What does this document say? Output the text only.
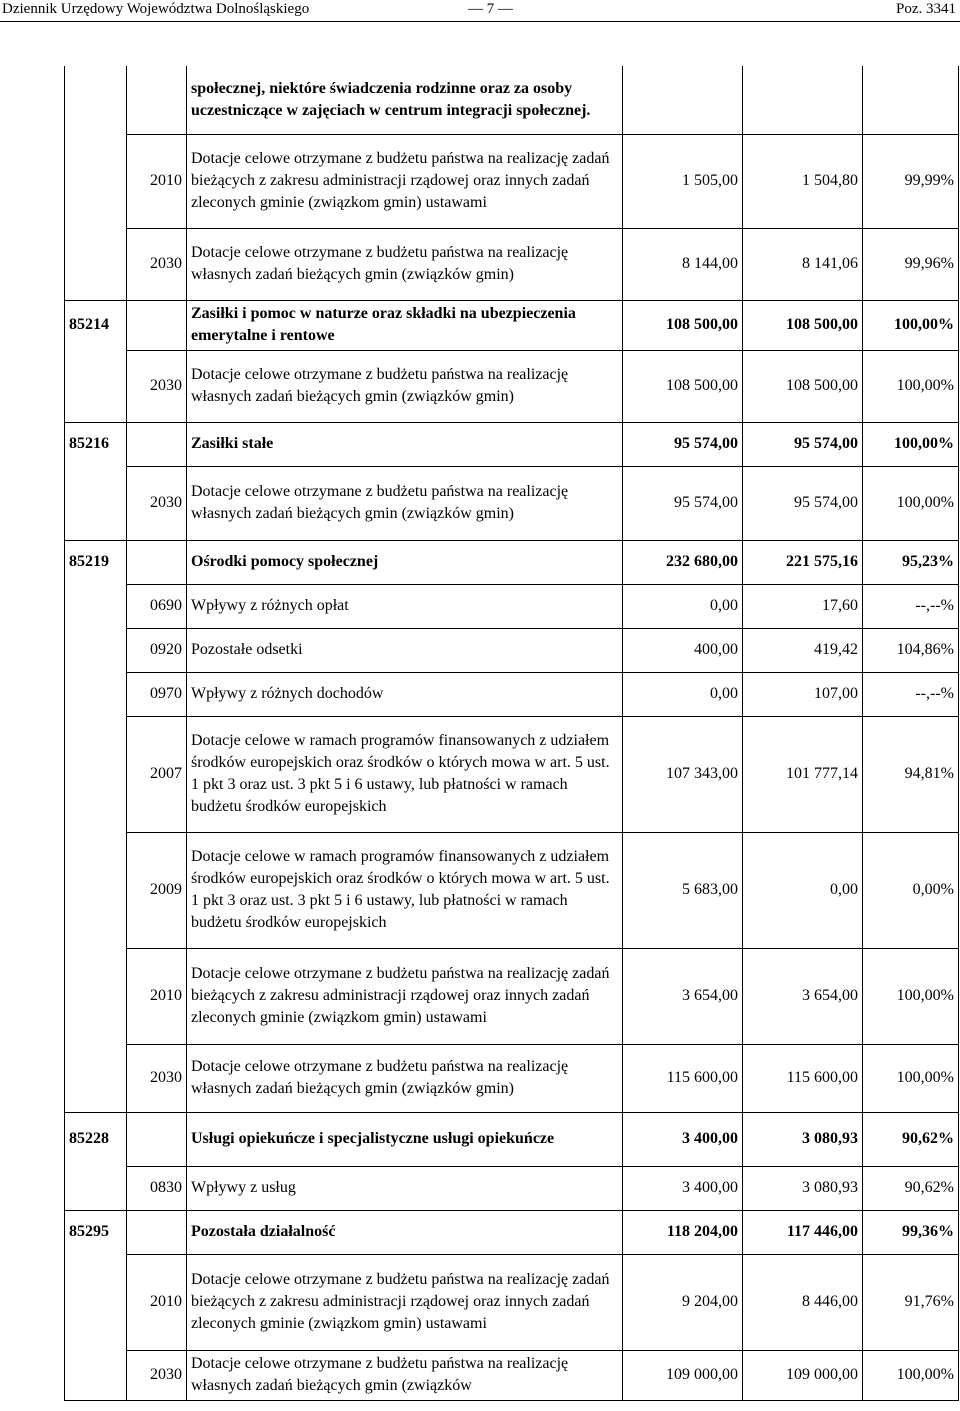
Dziennik Urzędowy Województwa Dolnośląskiego	— 7 —	Poz. 3341
		społecznej, niektóre świadczenia rodzinne oraz za osoby uczestniczące w zajęciach w centrum integracji społecznej.			
	2010	Dotacje celowe otrzymane z budżetu państwa na realizację zadań bieżących z zakresu administracji rządowej oraz innych zadań zleconych gminie (związkom gmin) ustawami	1 505,00	1 504,80	99,99%
	2030	Dotacje celowe otrzymane z budżetu państwa na realizację własnych zadań bieżących gmin (związków gmin)	8 144,00	8 141,06	99,96%
85214		Zasiłki i pomoc w naturze oraz składki na ubezpieczenia emerytalne i rentowe	108 500,00	108 500,00	100,00%
	2030	Dotacje celowe otrzymane z budżetu państwa na realizację własnych zadań bieżących gmin (związków gmin)	108 500,00	108 500,00	100,00%
85216		Zasiłki stałe	95 574,00	95 574,00	100,00%
	2030	Dotacje celowe otrzymane z budżetu państwa na realizację własnych zadań bieżących gmin (związków gmin)	95 574,00	95 574,00	100,00%
85219		Ośrodki pomocy społecznej	232 680,00	221 575,16	95,23%
	0690	Wpływy z różnych opłat	0,00	17,60	--,--%
	0920	Pozostałe odsetki	400,00	419,42	104,86%
	0970	Wpływy z różnych dochodów	0,00	107,00	--,--%
	2007	Dotacje celowe w ramach programów finansowanych z udziałem środków europejskich oraz środków o których mowa w art. 5 ust. 1 pkt 3 oraz ust. 3 pkt 5 i 6 ustawy, lub płatności w ramach budżetu środków europejskich	107 343,00	101 777,14	94,81%
	2009	Dotacje celowe w ramach programów finansowanych z udziałem środków europejskich oraz środków o których mowa w art. 5 ust. 1 pkt 3 oraz ust. 3 pkt 5 i 6 ustawy, lub płatności w ramach budżetu środków europejskich	5 683,00	0,00	0,00%
	2010	Dotacje celowe otrzymane z budżetu państwa na realizację zadań bieżących z zakresu administracji rządowej oraz innych zadań zleconych gminie (związkom gmin) ustawami	3 654,00	3 654,00	100,00%
	2030	Dotacje celowe otrzymane z budżetu państwa na realizację własnych zadań bieżących gmin (związków gmin)	115 600,00	115 600,00	100,00%
85228		Usługi opiekuńcze i specjalistyczne usługi opiekuńcze	3 400,00	3 080,93	90,62%
	0830	Wpływy z usług	3 400,00	3 080,93	90,62%
85295		Pozostała działalność	118 204,00	117 446,00	99,36%
	2010	Dotacje celowe otrzymane z budżetu państwa na realizację zadań bieżących z zakresu administracji rządowej oraz innych zadań zleconych gminie (związkom gmin) ustawami	9 204,00	8 446,00	91,76%
	2030	Dotacje celowe otrzymane z budżetu państwa na realizację własnych zadań bieżących gmin (związków	109 000,00	109 000,00	100,00%
